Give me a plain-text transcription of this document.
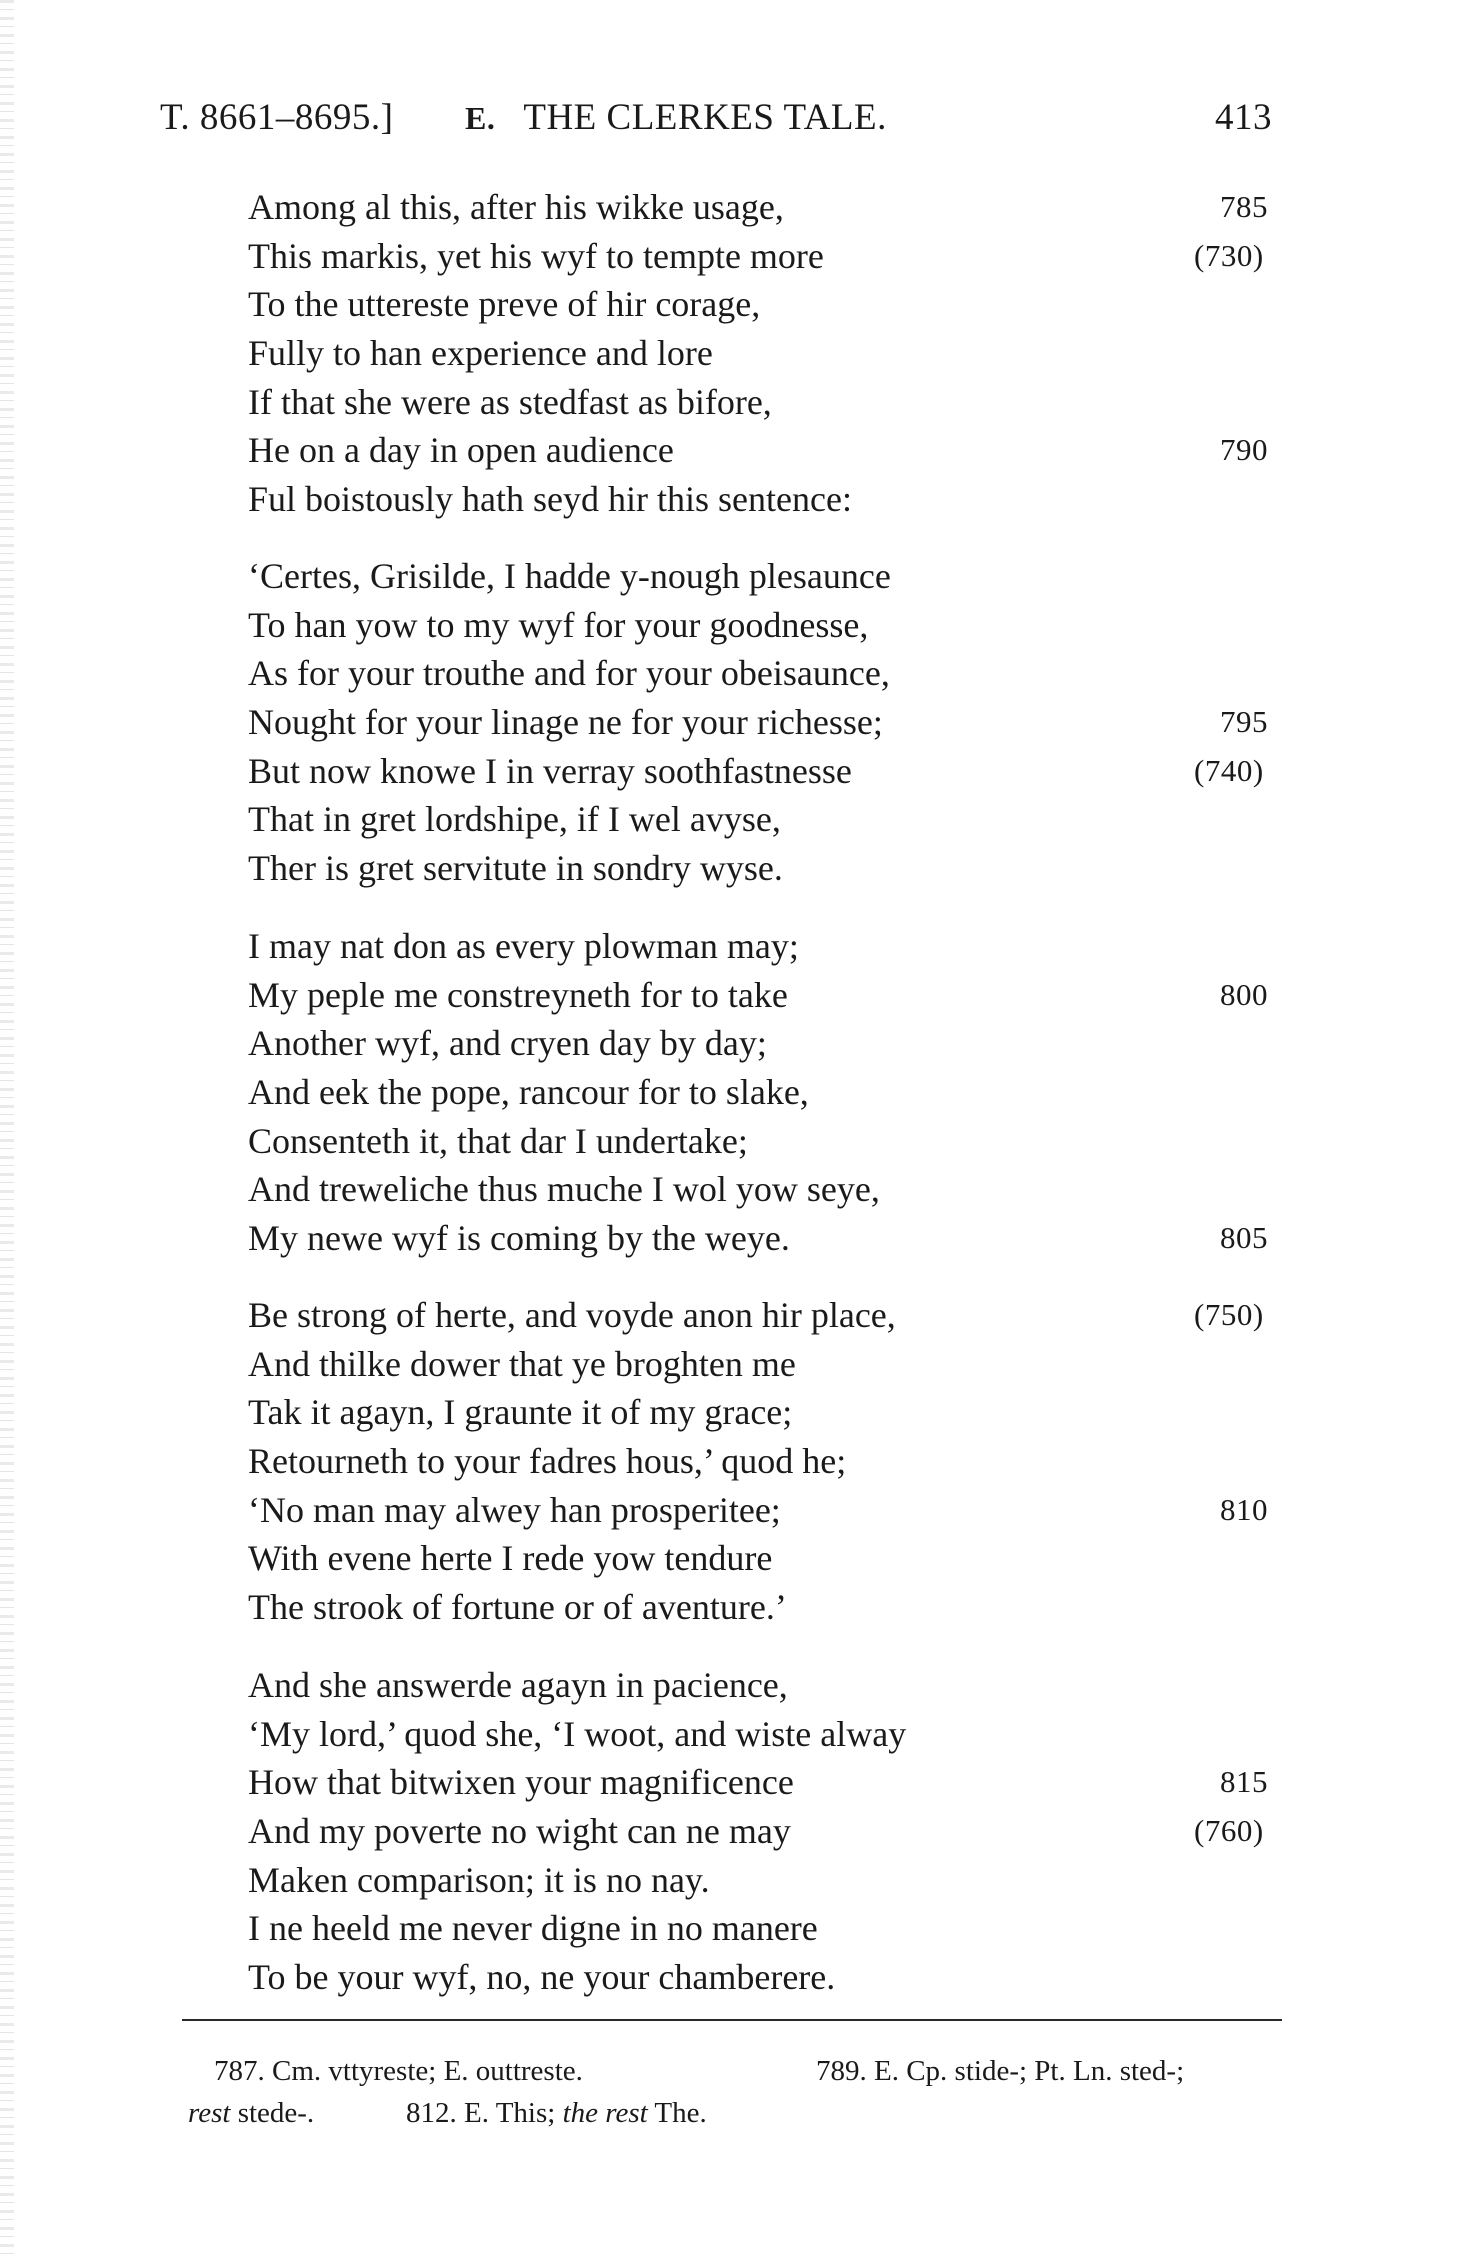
T. 8661–8695.] E. THE CLERKES TALE.	413
Among al this, after his wikke usage,	785
This markis, yet his wyf to tempte more	(730)
To the uttereste preve of hir corage,
Fully to han experience and lore
If that she were as stedfast as bifore,
He on a day in open audience	790
Ful boistously hath seyd hir this sentence:
‘Certes, Grisilde, I hadde y-nough plesaunce
To han yow to my wyf for your goodnesse,
As for your trouthe and for your obeisaunce,
Nought for your linage ne for your richesse;	795
But now knowe I in verray soothfastnesse	(740)
That in gret lordshipe, if I wel avyse,
Ther is gret servitute in sondry wyse.
I may nat don as every plowman may;
My peple me constreyneth for to take	800
Another wyf, and cryen day by day;
And eek the pope, rancour for to slake,
Consenteth it, that dar I undertake;
And treweliche thus muche I wol yow seye,
My newe wyf is coming by the weye.	805
Be strong of herte, and voyde anon hir place,	(750)
And thilke dower that ye broghten me
Tak it agayn, I graunte it of my grace;
Retourneth to your fadres hous,’ quod he;
‘No man may alwey han prosperitee;	810
With evene herte I rede yow tendure
The strook of fortune or of aventure.’
And she answerde agayn in pacience,
‘My lord,’ quod she, ‘I woot, and wiste alway
How that bitwixen your magnificence	815
And my poverte no wight can ne may	(760)
Maken comparison; it is no nay.
I ne heeld me never digne in no manere
To be your wyf, no, ne your chamberere.
787. Cm. vttyreste; E. outtreste.	789. E. Cp. stide-; Pt. Ln. sted-;
rest stede-.	812. E. This; the rest The.
